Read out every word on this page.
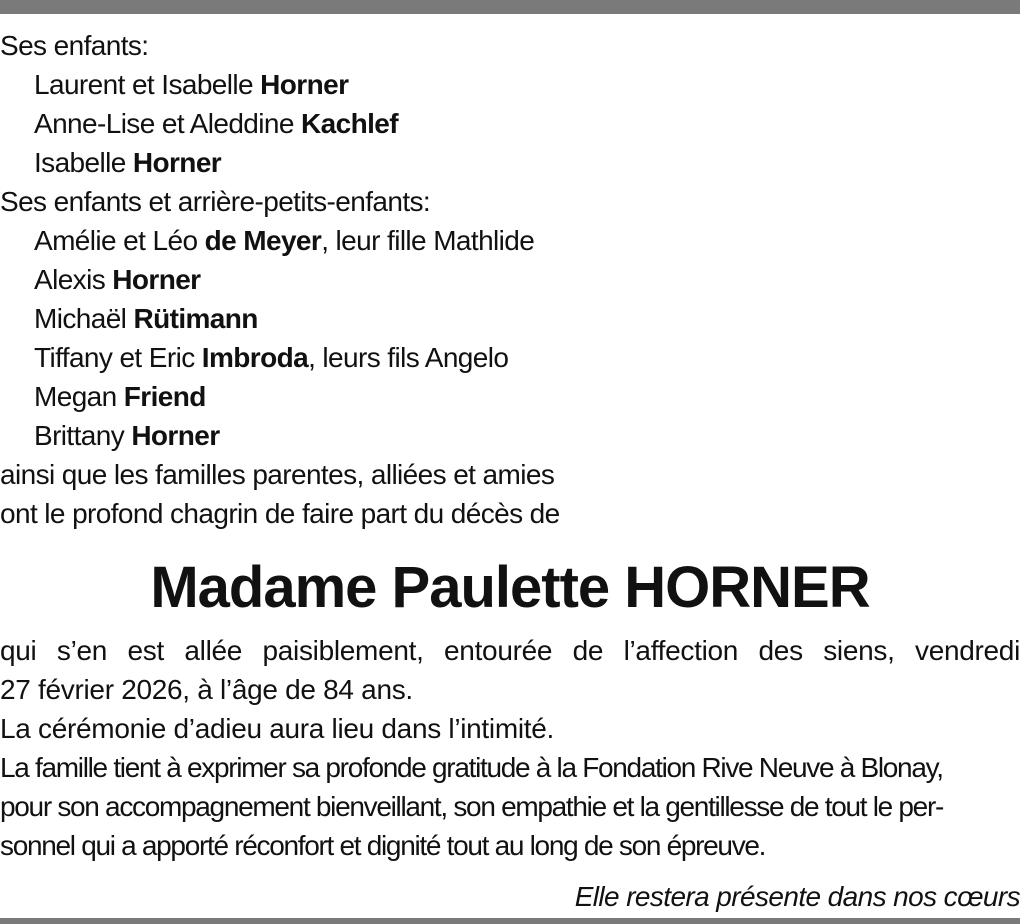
Ses enfants:
Laurent et Isabelle Horner
Anne-Lise et Aleddine Kachlef
Isabelle Horner
Ses enfants et arrière-petits-enfants:
Amélie et Léo de Meyer, leur fille Mathlide
Alexis Horner
Michaël Rütimann
Tiffany et Eric Imbroda, leurs fils Angelo
Megan Friend
Brittany Horner
ainsi que les familles parentes, alliées et amies
ont le profond chagrin de faire part du décès de
Madame Paulette HORNER
qui s’en est allée paisiblement, entourée de l’affection des siens, vendredi
27 février 2026, à l’âge de 84 ans.
La cérémonie d’adieu aura lieu dans l’intimité.
La famille tient à exprimer sa profonde gratitude à la Fondation Rive Neuve à Blonay,
pour son accompagnement bienveillant, son empathie et la gentillesse de tout le per-
sonnel qui a apporté réconfort et dignité tout au long de son épreuve.
Elle restera présente dans nos cœurs
